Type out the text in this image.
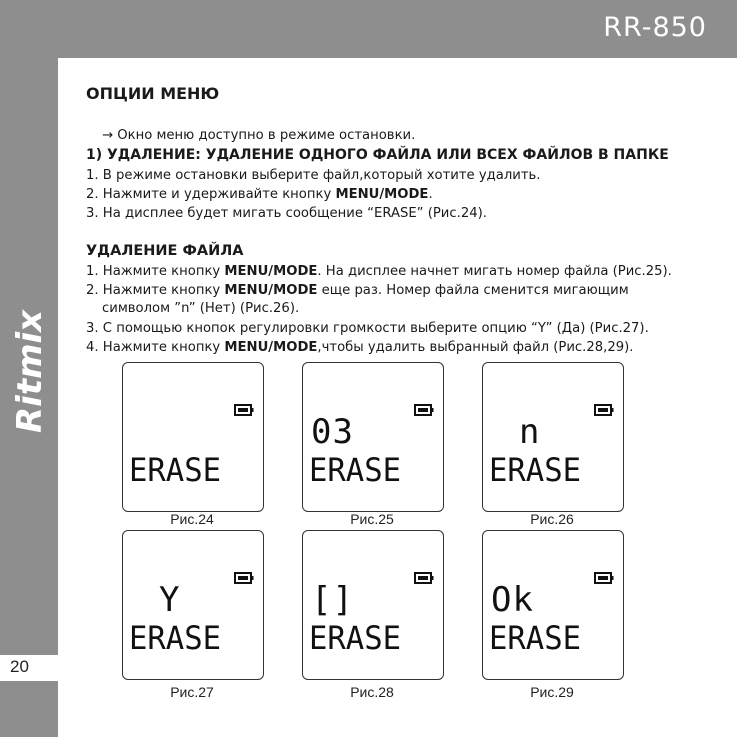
RR-850
Ritmix
20
ОПЦИИ МЕНЮ
→ Окно меню доступно в режиме остановки.
1) УДАЛЕНИЕ: УДАЛЕНИЕ ОДНОГО ФАЙЛА ИЛИ ВСЕХ ФАЙЛОВ В ПАПКЕ
1. В режиме остановки выберите файл,который хотите удалить.
2. Нажмите и удерживайте кнопку MENU/MODE.
3. На дисплее будет мигать сообщение “ERASE” (Рис.24).
УДАЛЕНИЕ ФАЙЛА
1. Нажмите кнопку MENU/MODE. На дисплее начнет мигать номер файла (Рис.25).
2. Нажмите кнопку MENU/MODE еще раз. Номер файла сменится мигающим
символом ”n” (Нет) (Рис.26).
3. С помощью кнопок регулировки громкости выберите опцию “Y” (Да) (Рис.27).
4. Нажмите кнопку MENU/MODE,чтобы удалить выбранный файл (Рис.28,29).
ERASE
Рис.24
03
ERASE
Рис.25
n
ERASE
Рис.26
Y
ERASE
Рис.27
[ ]
ERASE
Рис.28
Ok
ERASE
Рис.29
